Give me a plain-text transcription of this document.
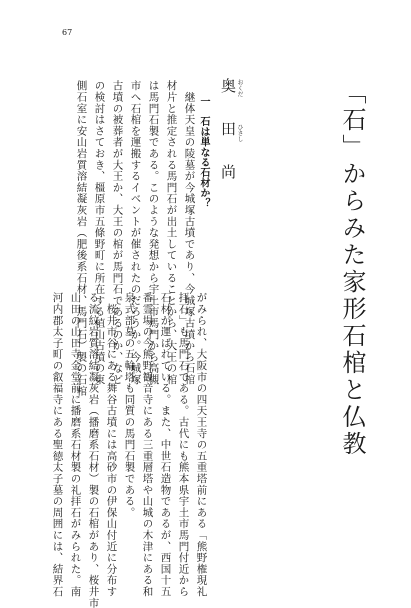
67
「石」からみた家形石棺と仏教
奥田尚
おくだ
ひさし
一　石は単なる石材か？
　継体天皇の陵墓が今城塚古墳であり、今城塚古墳から石棺
材片と推定される馬門石が出土していることから、大王の棺
は馬門石製である。このような発想から宇土市馬門から高槻
市へ石棺を運搬するイベントが催されたのだろうか。今城塚
古墳の被葬者が大王か、大王の棺が馬門石であるのか、など
の検討はさておき、橿原市五條野町に所在する植山古墳の東
側石室に安山岩質溶結凝灰岩（肥後系石材、馬門石）製の石棺
がみられ、大阪市の四天王寺の五重塔前にある「熊野権現礼
拝石」も馬門石である。古代にも熊本県宇土市馬門付近から
石材が運ばれている。また、中世石造物であるが、西国十五
番霊場の今熊野観音寺にある三重層塔や山城の木津にある和
泉式部墓の五輪塔も同質の馬門石製である。
　桜井市谷にある舞谷古墳には高砂市の伊保山付近に分布す
る流紋岩質溶結凝灰岩（播磨系石材）製の石棺があり、桜井市
山田の山田寺金堂前に播磨系石材製の礼拝石がみられた。南
河内郡太子町の叡福寺にある聖徳太子墓の周囲には、結界石
